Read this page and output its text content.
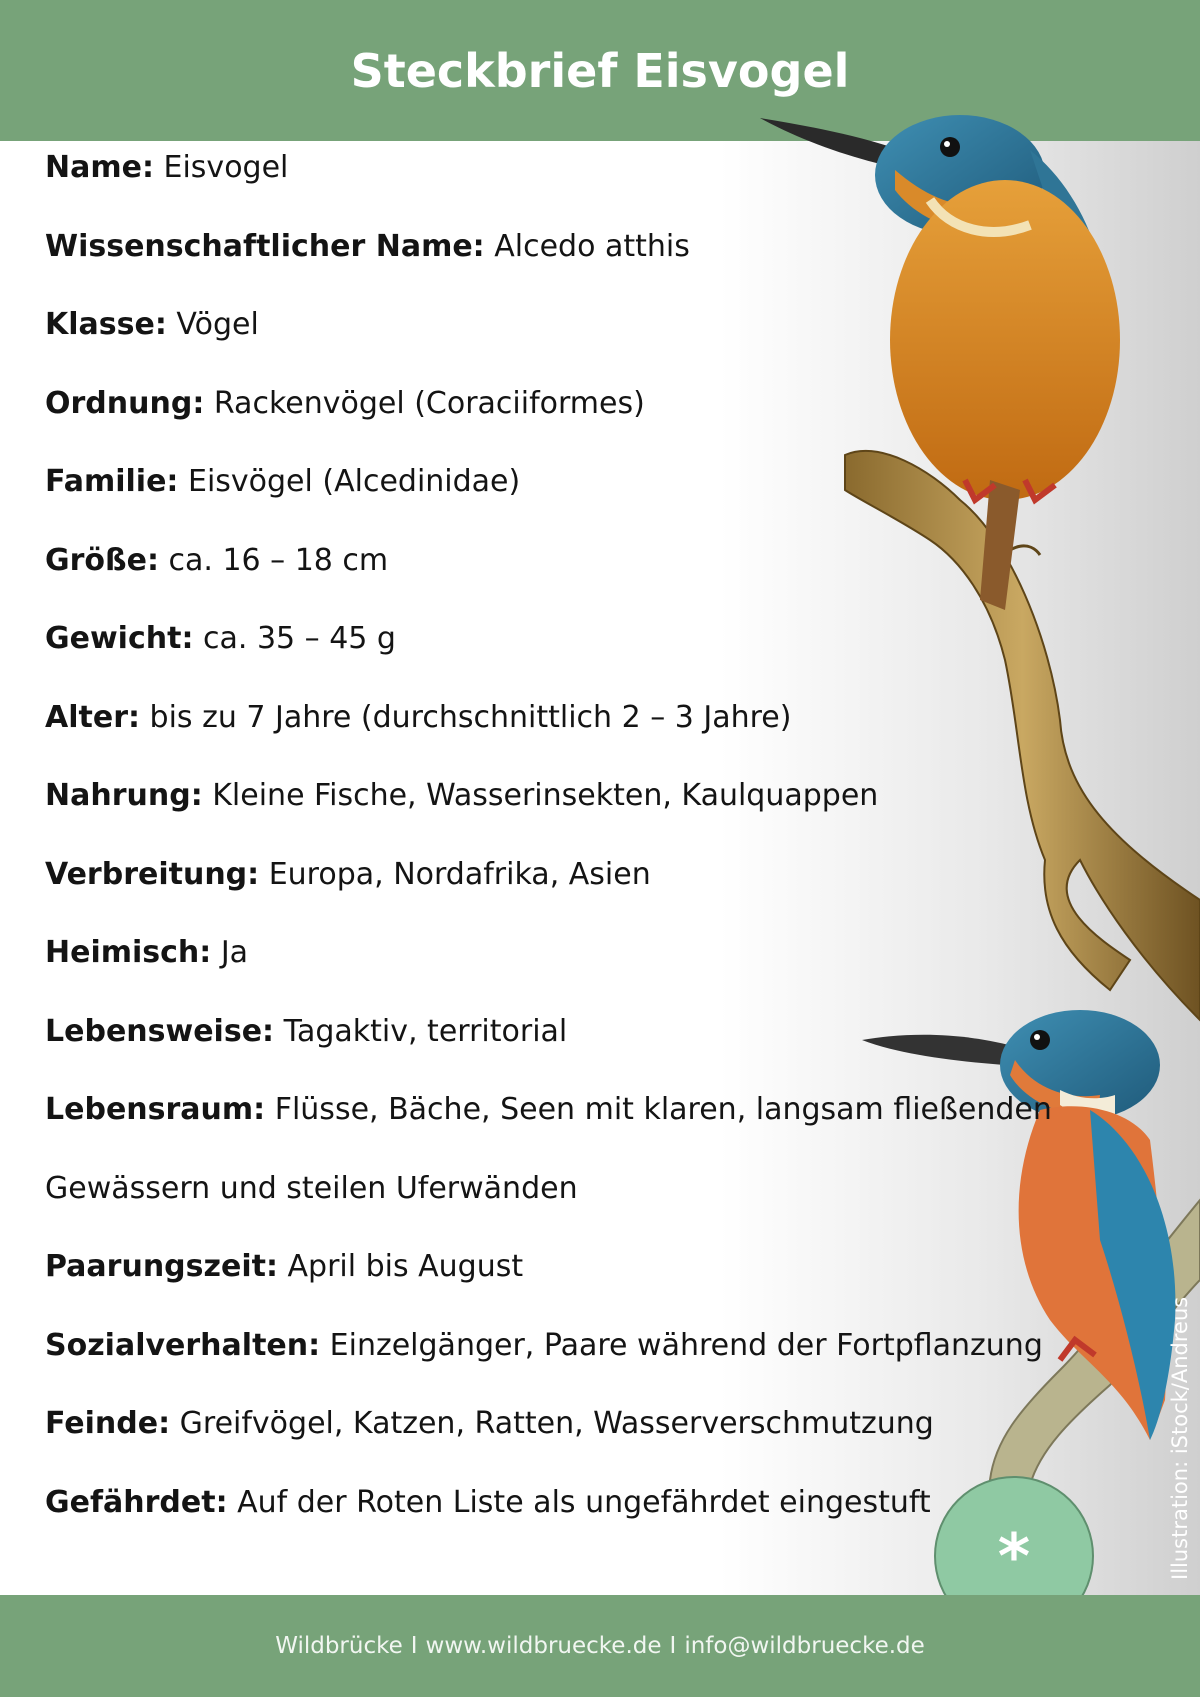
Steckbrief Eisvogel
Name: Eisvogel
Wissenschaftlicher Name: Alcedo atthis
Klasse: Vögel
Ordnung: Rackenvögel (Coraciiformes)
Familie: Eisvögel (Alcedinidae)
Größe: ca. 16 – 18 cm
Gewicht: ca. 35 – 45 g
Alter: bis zu 7 Jahre (durchschnittlich 2 – 3 Jahre)
Nahrung: Kleine Fische, Wasserinsekten, Kaulquappen
Verbreitung: Europa, Nordafrika, Asien
Heimisch: Ja
Lebensweise: Tagaktiv, territorial
Lebensraum: Flüsse, Bäche, Seen mit klaren, langsam fließenden
Gewässern und steilen Uferwänden
Paarungszeit: April bis August
Sozialverhalten: Einzelgänger, Paare während der Fortpflanzung
Feinde: Greifvögel, Katzen, Ratten, Wasserverschmutzung
Gefährdet: Auf der Roten Liste als ungefährdet eingestuft
*	Illustration: iStock/Andreus
Wildbrücke I www.wildbruecke.de I info@wildbruecke.de
